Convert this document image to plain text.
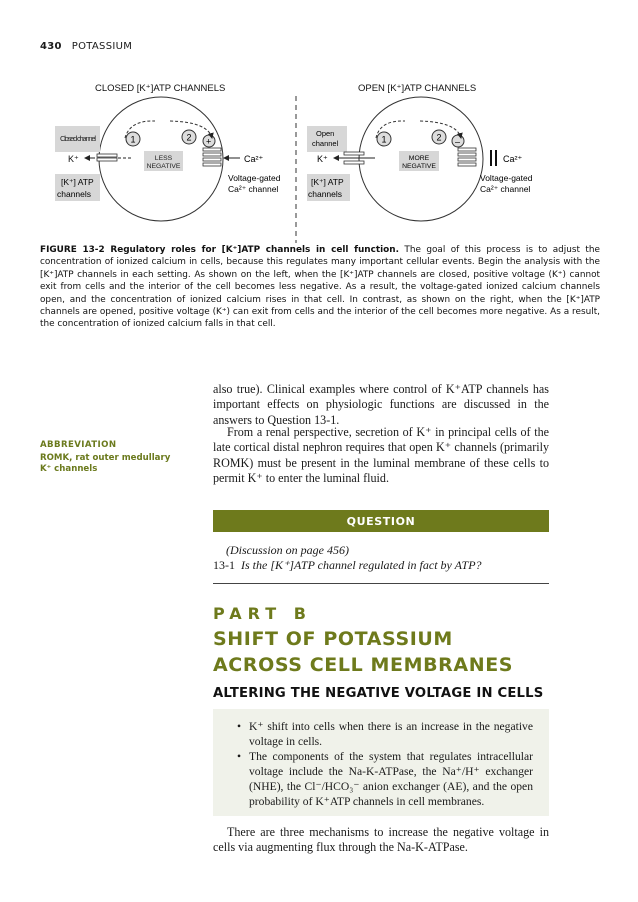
430 POTASSIUM
CLOSED [K⁺]ATP CHANNELS	OPEN [K⁺]ATP CHANNELS
Closed channel
K⁺
1	2 +
LESS
NEGATIVE
Ca²⁺
[K⁺] ATP
channels
Voltage-gated
Ca²⁺ channel
Open
channel
K⁺
1	2 –
MORE
NEGATIVE
Ca²⁺
[K⁺] ATP
channels
Voltage-gated
Ca²⁺ channel
FIGURE 13-2 Regulatory roles for [K⁺]ATP channels in cell function. The goal of this process is to adjust the concentration of ionized calcium in cells, because this regulates many important cellular events. Begin the analysis with the [K⁺]ATP channels in each setting. As shown on the left, when the [K⁺]ATP channels are closed, positive voltage (K⁺) cannot exit from cells and the interior of the cell becomes less negative. As a result, the voltage-gated ionized calcium channels open, and the concentration of ionized calcium rises in that cell. In contrast, as shown on the right, when the [K⁺]ATP channels are opened, positive voltage (K⁺) can exit from cells and the interior of the cell becomes more negative. As a result, the concentration of ionized calcium falls in that cell.
ABBREVIATION
ROMK, rat outer medullary K⁺ channels
also true). Clinical examples where control of K⁺ATP channels has important effects on physiologic functions are discussed in the answers to Question 13-1.
From a renal perspective, secretion of K⁺ in principal cells of the late cortical distal nephron requires that open K⁺ channels (primarily ROMK) must be present in the luminal membrane of these cells to permit K⁺ to enter the luminal fluid.
QUESTION
(Discussion on page 456)
13-1 Is the [K⁺]ATP channel regulated in fact by ATP?
PART B
SHIFT OF POTASSIUM ACROSS CELL MEMBRANES
ALTERING THE NEGATIVE VOLTAGE IN CELLS
• K⁺ shift into cells when there is an increase in the negative voltage in cells.
• The components of the system that regulates intracellular voltage include the Na-K-ATPase, the Na⁺/H⁺ exchanger (NHE), the Cl⁻/HCO₃⁻ anion exchanger (AE), and the open probability of K⁺ATP channels in cell membranes.
There are three mechanisms to increase the negative voltage in cells via augmenting flux through the Na-K-ATPase.
